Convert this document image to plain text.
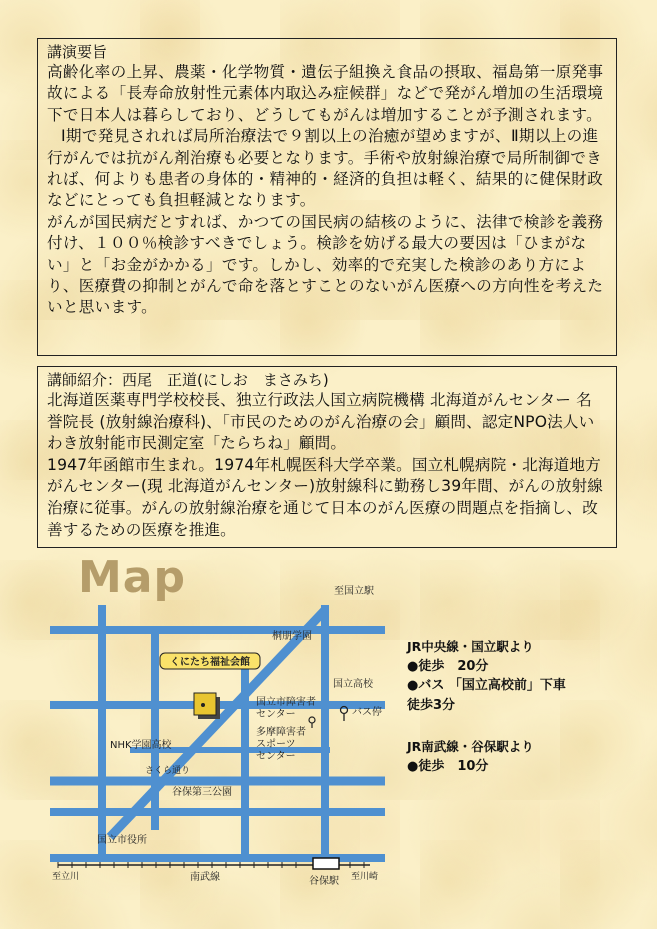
講演要旨

高齢化率の上昇、農薬・化学物質・遺伝子組換え食品の摂取、福島第一原発事故による「長寿命放射性元素体内取込み症候群」などで発がん増加の生活環境下で日本人は暮らしており、どうしてもがんは増加することが予測されます。

Ⅰ期で発見されれば局所治療法で９割以上の治癒が望めますが、Ⅱ期以上の進行がんでは抗がん剤治療も必要となります。手術や放射線治療で局所制御できれば、何よりも患者の身体的・精神的・経済的負担は軽く、結果的に健保財政などにとっても負担軽減となります。

がんが国民病だとすれば、かつての国民病の結核のように、法律で検診を義務付け、１００％検診すべきでしょう。検診を妨げる最大の要因は「ひまがない」と「お金がかかる」です。しかし、効率的で充実した検診のあり方により、医療費の抑制とがんで命を落とすことのないがん医療への方向性を考えたいと思います。

講師紹介：西尾　正道(にしお　まさみち)

北海道医薬専門学校校長、独立行政法人国立病院機構 北海道がんセンター 名誉院長 (放射線治療科)、「市民のためのがん治療の会」顧問、認定NPO法人いわき放射能市民測定室「たらちね」顧問。

1947年函館市生まれ。1974年札幌医科大学卒業。国立札幌病院・北海道地方がんセンター(現 北海道がんセンター)放射線科に勤務し39年間、がんの放射線治療に従事。がんの放射線治療を通じて日本のがん医療の問題点を指摘し、改善するための医療を推進。

Map
くにたち福祉会館
至国立駅
桐朋学園
国立高校
バス停
国立市障害者センター
多摩障害者スポーツセンター
NHK学園高校
さくら通り
谷保第三公園
国立市役所
至立川	南武線	谷保駅 至川崎

JR中央線・国立駅より

●徒歩　20分

●バス 「国立高校前」下車

徒歩3分

JR南武線・谷保駅より

●徒歩　10分
